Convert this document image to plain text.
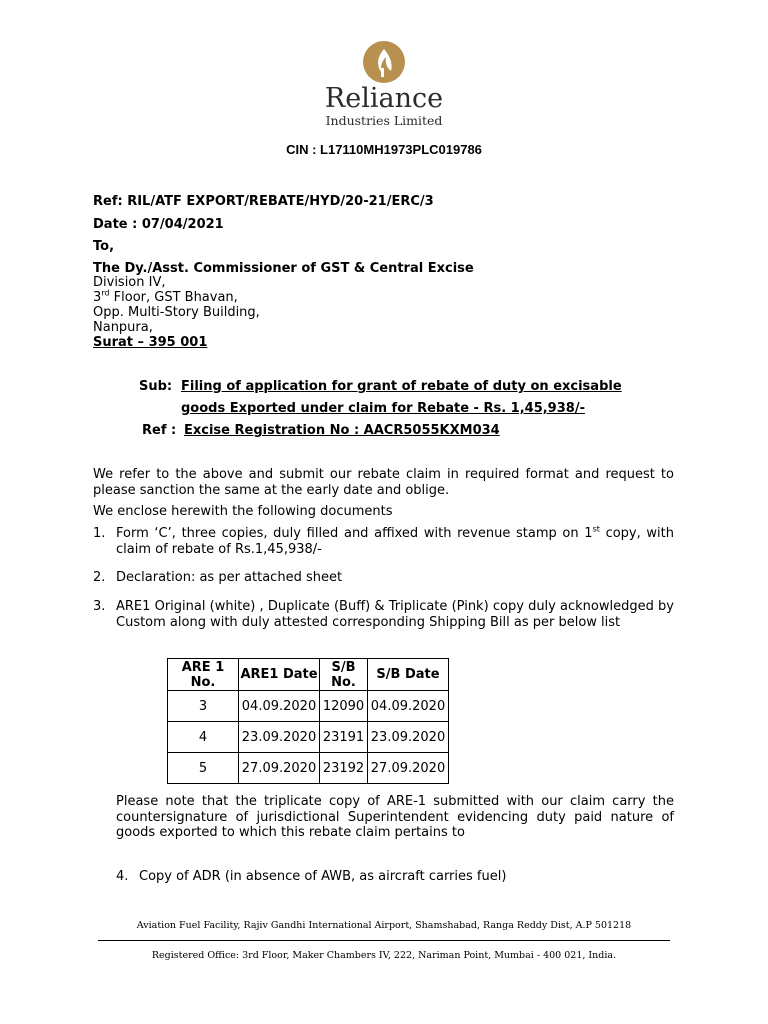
Reliance
Industries Limited
CIN : L17110MH1973PLC019786
Ref: RIL/ATF EXPORT/REBATE/HYD/20-21/ERC/3
Date : 07/04/2021
To,
The Dy./Asst. Commissioner of GST & Central Excise
Division IV,
3rd Floor, GST Bhavan,
Opp. Multi-Story Building,
Nanpura,
Surat – 395 001
Sub: Filing of application for grant of rebate of duty on excisable
goods Exported under claim for Rebate - Rs. 1,45,938/-
Ref : Excise Registration No : AACR5055KXM034
We refer to the above and submit our rebate claim in required format and request to please sanction the same at the early date and oblige.
We enclose herewith the following documents
1. Form ‘C’, three copies, duly filled and affixed with revenue stamp on 1st copy, with claim of rebate of Rs.1,45,938/-
2. Declaration: as per attached sheet
3. ARE1 Original (white) , Duplicate (Buff) & Triplicate (Pink) copy duly acknowledged by Custom along with duly attested corresponding Shipping Bill as per below list
ARE 1 No.	ARE1 Date	S/B No.	S/B Date
3	04.09.2020	12090	04.09.2020
4	23.09.2020	23191	23.09.2020
5	27.09.2020	23192	27.09.2020
Please note that the triplicate copy of ARE-1 submitted with our claim carry the countersignature of jurisdictional Superintendent evidencing duty paid nature of goods exported to which this rebate claim pertains to
4. Copy of ADR (in absence of AWB, as aircraft carries fuel)
Aviation Fuel Facility, Rajiv Gandhi International Airport, Shamshabad, Ranga Reddy Dist, A.P 501218
Registered Office: 3rd Floor, Maker Chambers IV, 222, Nariman Point, Mumbai - 400 021, India.
